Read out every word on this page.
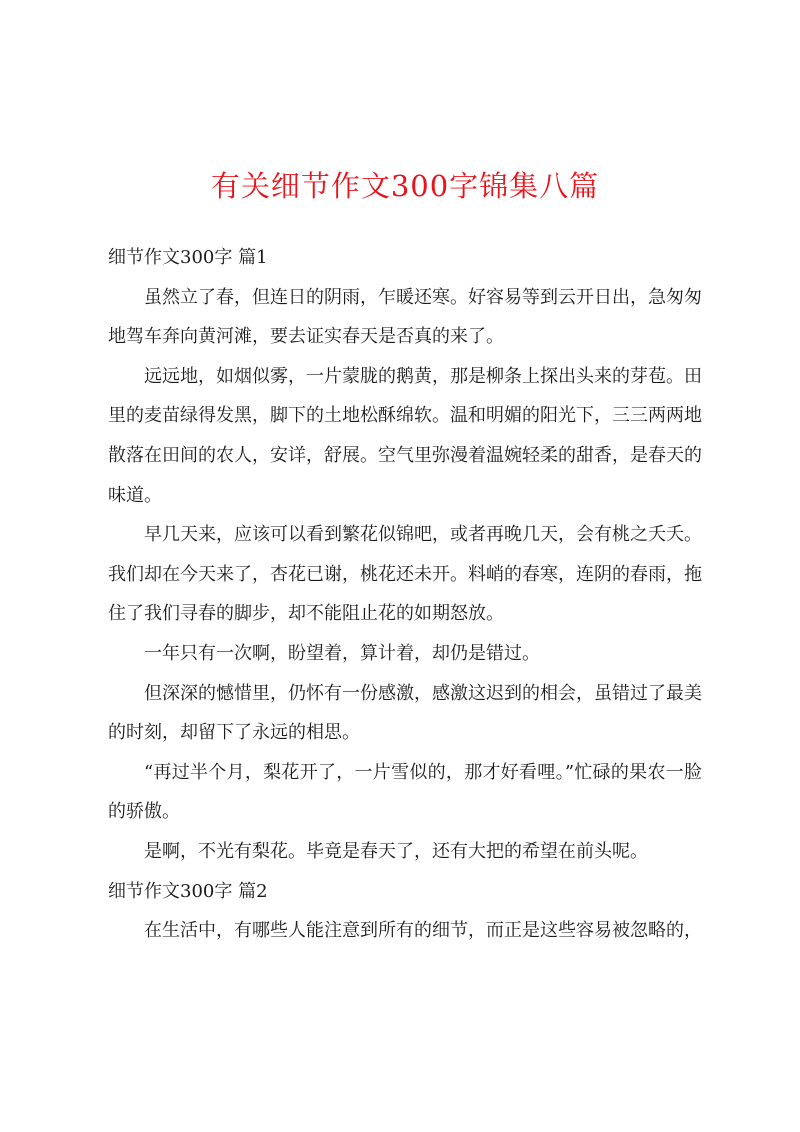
有关细节作文300字锦集八篇

细节作文300字 篇1

虽然立了春，但连日的阴雨，乍暖还寒。好容易等到云开日出，急匆匆地驾车奔向黄河滩，要去证实春天是否真的来了。

远远地，如烟似雾，一片蒙胧的鹅黄，那是柳条上探出头来的芽苞。田里的麦苗绿得发黑，脚下的土地松酥绵软。温和明媚的阳光下，三三两两地散落在田间的农人，安详，舒展。空气里弥漫着温婉轻柔的甜香，是春天的味道。

早几天来，应该可以看到繁花似锦吧，或者再晚几天，会有桃之夭夭。我们却在今天来了，杏花已谢，桃花还未开。料峭的春寒，连阴的春雨，拖住了我们寻春的脚步，却不能阻止花的如期怒放。

一年只有一次啊，盼望着，算计着，却仍是错过。

但深深的憾惜里，仍怀有一份感激，感激这迟到的相会，虽错过了最美的时刻，却留下了永远的相思。

“再过半个月，梨花开了，一片雪似的，那才好看哩。”忙碌的果农一脸的骄傲。

是啊，不光有梨花。毕竟是春天了，还有大把的希望在前头呢。

细节作文300字 篇2

在生活中，有哪些人能注意到所有的细节，而正是这些容易被忽略的，
